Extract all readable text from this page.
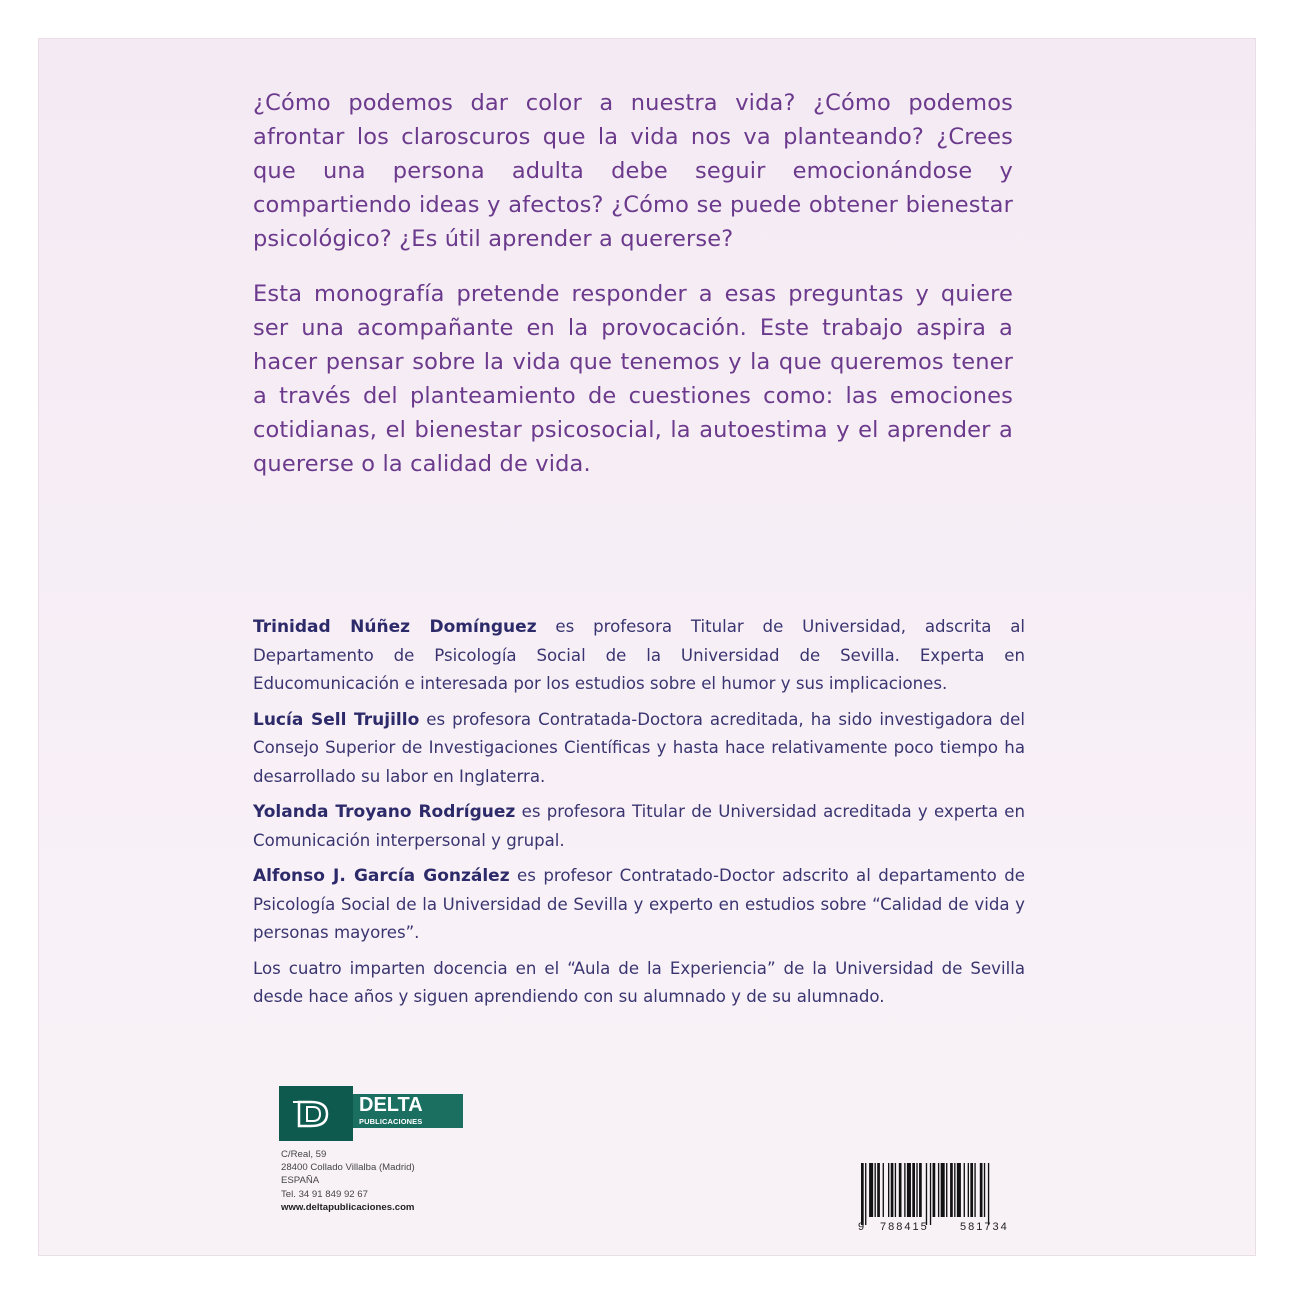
¿Cómo podemos dar color a nuestra vida? ¿Cómo podemos afrontar los claroscuros que la vida nos va planteando? ¿Crees que una persona adulta debe seguir emocionándose y compartiendo ideas y afectos? ¿Cómo se puede obtener bienestar psicológico? ¿Es útil aprender a quererse?

Esta monografía pretende responder a esas preguntas y quiere ser una acompañante en la provocación. Este trabajo aspira a hacer pensar sobre la vida que tenemos y la que queremos tener a través del planteamiento de cuestiones como: las emociones cotidianas, el bienestar psicosocial, la autoestima y el aprender a quererse o la calidad de vida.

Trinidad Núñez Domínguez es profesora Titular de Universidad, adscrita al Departamento de Psicología Social de la Universidad de Sevilla. Experta en Educomunicación e interesada por los estudios sobre el humor y sus implicaciones.

Lucía Sell Trujillo es profesora Contratada-Doctora acreditada, ha sido investigadora del Consejo Superior de Investigaciones Científicas y hasta hace relativamente poco tiempo ha desarrollado su labor en Inglaterra.

Yolanda Troyano Rodríguez es profesora Titular de Universidad acreditada y experta en Comunicación interpersonal y grupal.

Alfonso J. García González es profesor Contratado-Doctor adscrito al departamento de Psicología Social de la Universidad de Sevilla y experto en estudios sobre “Calidad de vida y personas mayores”.

Los cuatro imparten docencia en el “Aula de la Experiencia” de la Universidad de Sevilla desde hace años y siguen aprendiendo con su alumnado y de su alumnado.

DELTA
PUBLICACIONES
C/Real, 59
28400 Collado Villalba (Madrid)
ESPAÑA
Tel. 34 91 849 92 67
www.deltapublicaciones.com
9 788415	581734
